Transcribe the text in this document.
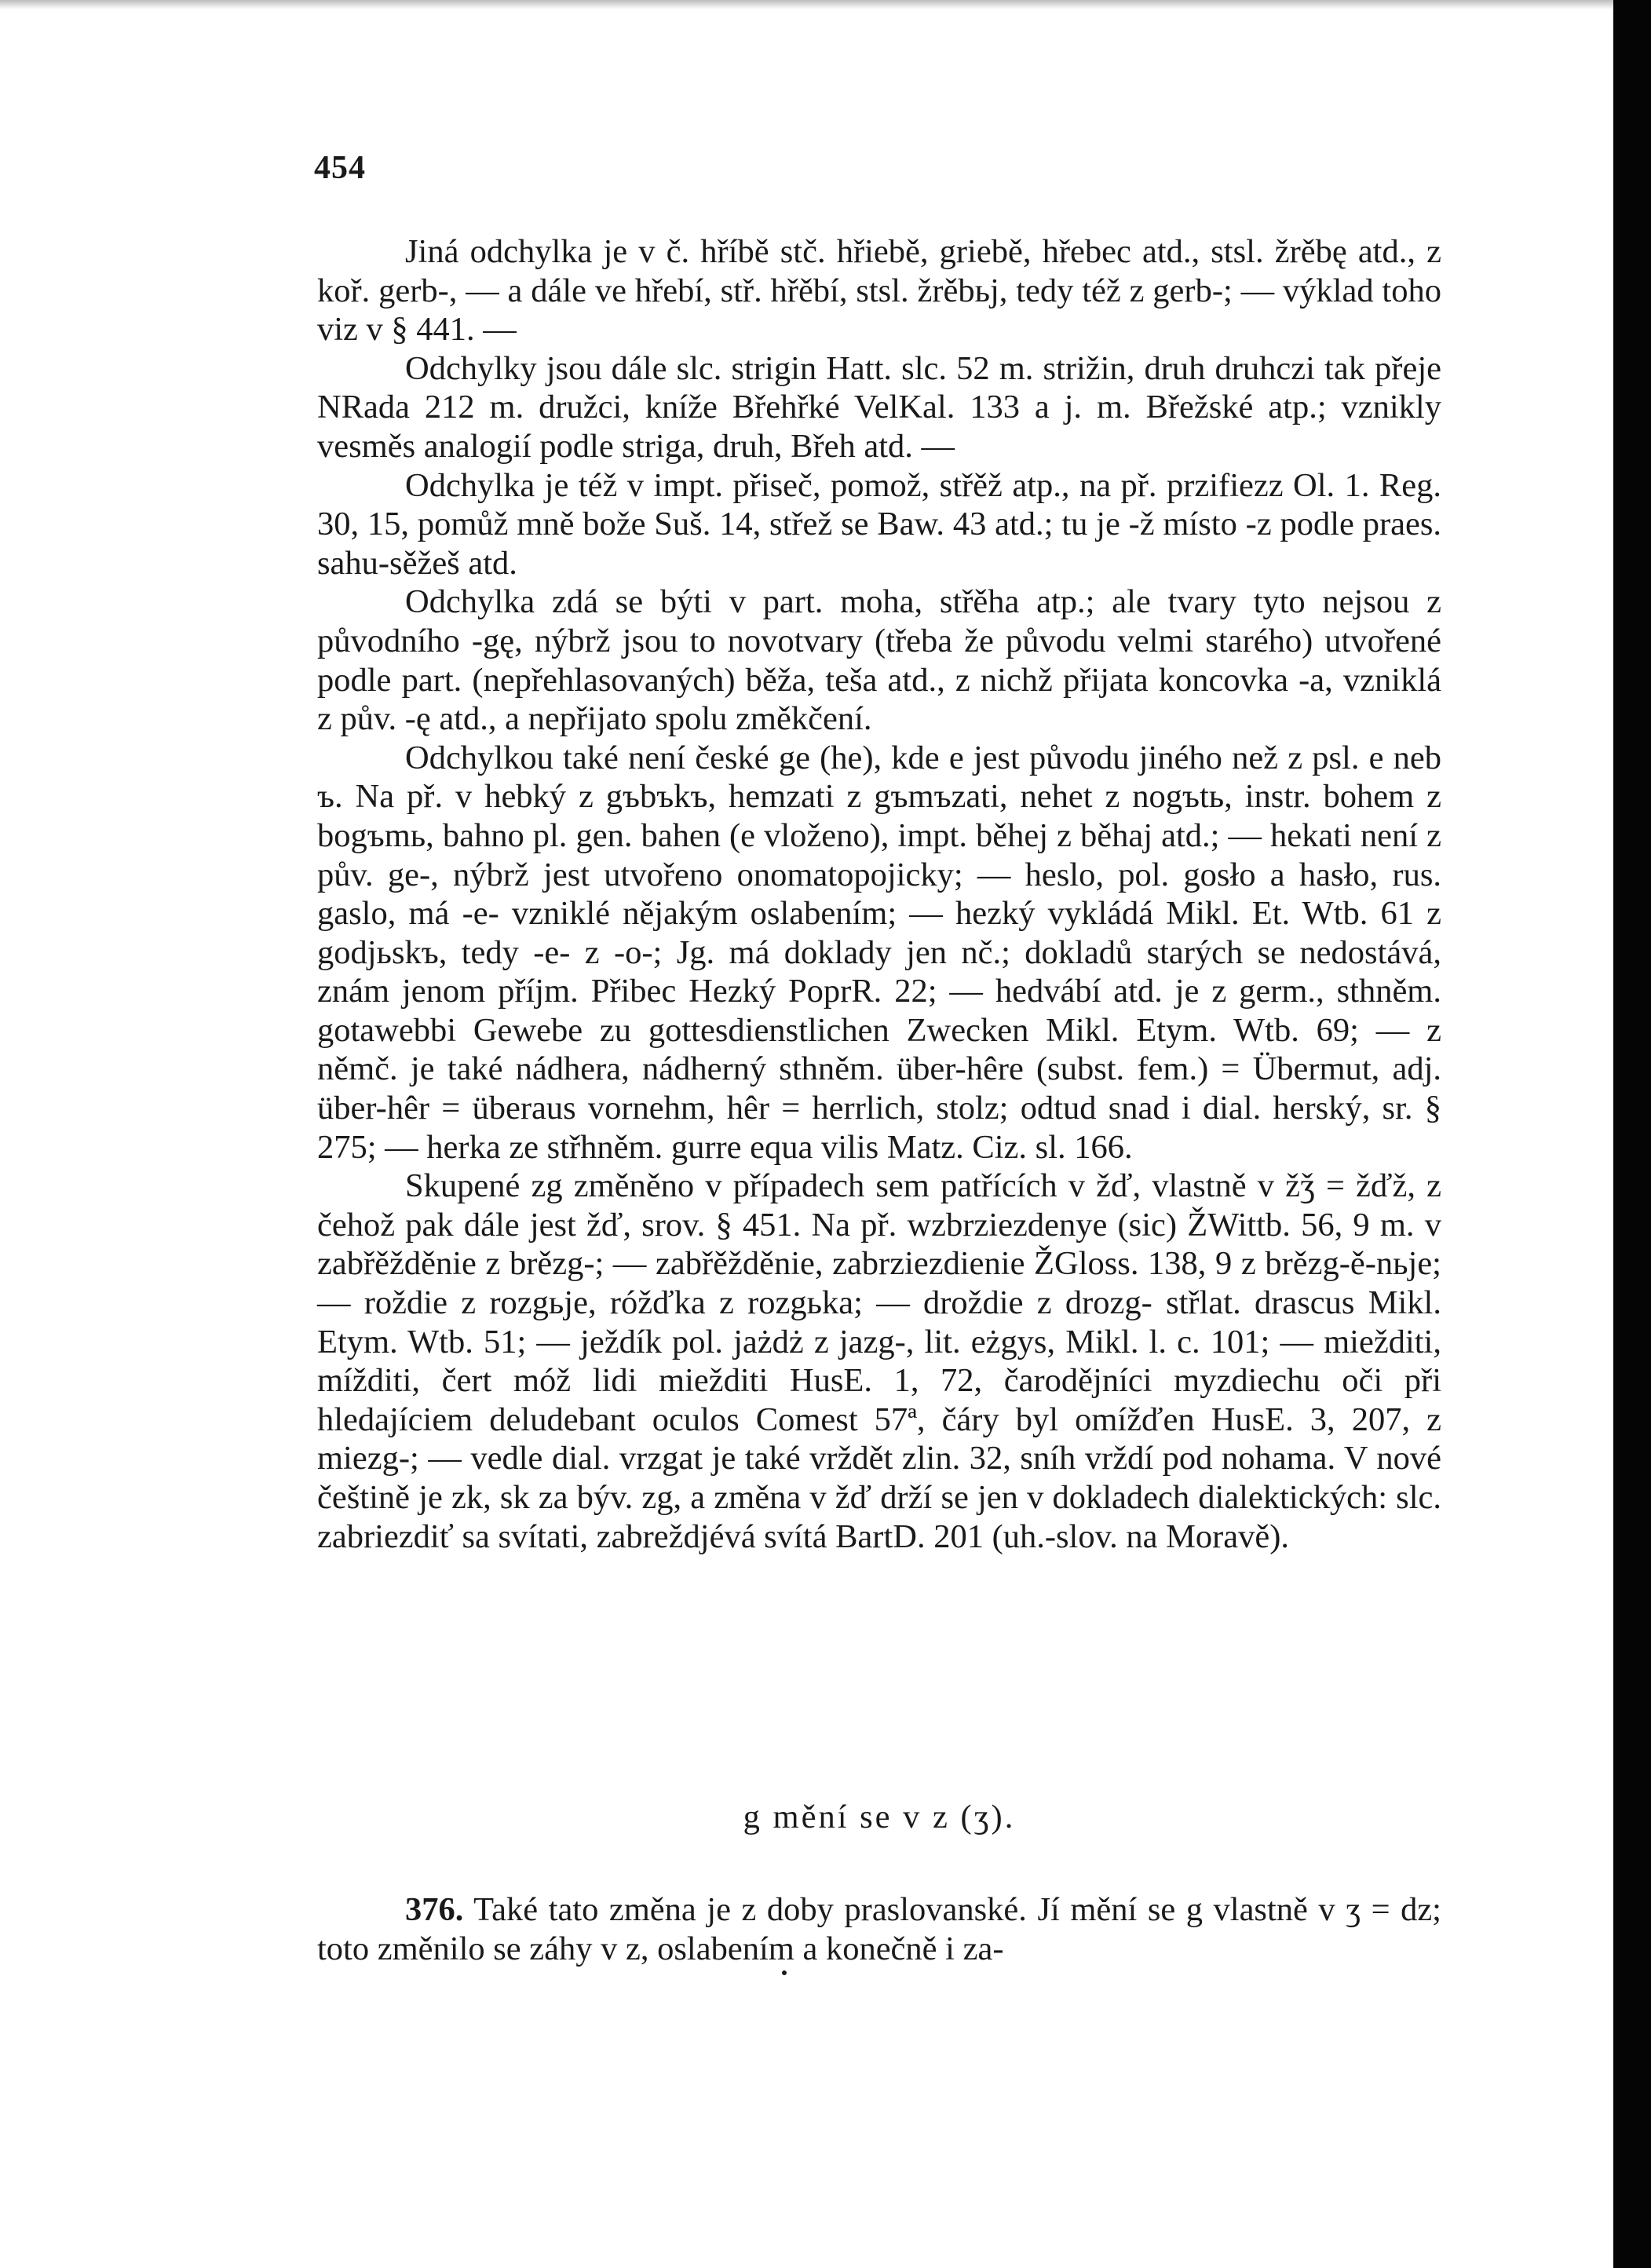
454

Jiná odchylka je v č. hříbě stč. hřiebě, griebě, hřebec atd., stsl. žrěbę atd., z koř. gerb-, — a dále ve hřebí, stř. hřěbí, stsl. žrěbьj, tedy též z gerb-; — výklad toho viz v § 441. —

Odchylky jsou dále slc. strigin Hatt. slc. 52 m. strižin, druh druhczi tak přeje NRada 212 m. družci, kníže Břehřké VelKal. 133 a j. m. Břežské atp.; vznikly vesměs analogií podle striga, druh, Břeh atd. —

Odchylka je též v impt. přiseč, pomož, střěž atp., na př. przifiezz Ol. 1. Reg. 30, 15, pomůž mně bože Suš. 14, střež se Baw. 43 atd.; tu je -ž místo -z podle praes. sahu-sěžeš atd.

Odchylka zdá se býti v part. moha, střěha atp.; ale tvary tyto nejsou z původního -gę, nýbrž jsou to novotvary (třeba že původu velmi starého) utvořené podle part. (nepřehlasovaných) běža, teša atd., z nichž přijata koncovka -a, vzniklá z pův. -ę atd., a nepřijato spolu změkčení.

Odchylkou také není české ge (he), kde e jest původu jiného než z psl. e neb ъ. Na př. v hebký z gъbъkъ, hemzati z gъmъzati, nehet z nogъtь, instr. bohem z bogъmь, bahno pl. gen. bahen (e vloženo), impt. běhej z běhaj atd.; — hekati není z pův. ge-, nýbrž jest utvořeno onomatopojicky; — heslo, pol. gosło a hasło, rus. gaslo, má -e- vzniklé nějakým oslabením; — hezký vykládá Mikl. Et. Wtb. 61 z godjьskъ, tedy -e- z -o-; Jg. má doklady jen nč.; dokladů starých se nedostává, znám jenom příjm. Přibec Hezký PoprR. 22; — hedvábí atd. je z germ., sthněm. gotawebbi Gewebe zu gottesdienstlichen Zwecken Mikl. Etym. Wtb. 69; — z němč. je také nádhera, nádherný sthněm. über-hêre (subst. fem.) = Übermut, adj. über-hêr = überaus vornehm, hêr = herrlich, stolz; odtud snad i dial. herský, sr. § 275; — herka ze střhněm. gurre equa vilis Matz. Ciz. sl. 166.

Skupené zg změněno v případech sem patřících v žď, vlastně v žǯ = žďž, z čehož pak dále jest žď, srov. § 451. Na př. wzbrziezdenye (sic) ŽWittb. 56, 9 m. v zabřěžděnie z brězg-; — zabřěžděnie, zabrziezdienie ŽGloss. 138, 9 z brězg-ě-nьje; — roždie z rozgьje, róžďka z rozgьka; — droždie z drozg- střlat. drascus Mikl. Etym. Wtb. 51; — ježdík pol. jażdż z jazg-, lit. eżgys, Mikl. l. c. 101; — miežditi, mížditi, čert móž lidi miežditi HusE. 1, 72, čarodějníci myzdiechu oči při hledajíciem deludebant oculos Comest 57ª, čáry byl omížďen HusE. 3, 207, z miezg-; — vedle dial. vrzgat je také vrždět zlin. 32, sníh vrždí pod nohama. V nové češtině je zk, sk za býv. zg, a změna v žď drží se jen v dokladech dialektických: slc. zabriezdiť sa svítati, zabreždjévá svítá BartD. 201 (uh.-slov. na Moravě).

g mění se v z (ʒ).

376. Také tato změna je z doby praslovanské. Jí mění se g vlastně v ʒ = dz; toto změnilo se záhy v z, oslabením a konečně i za-
